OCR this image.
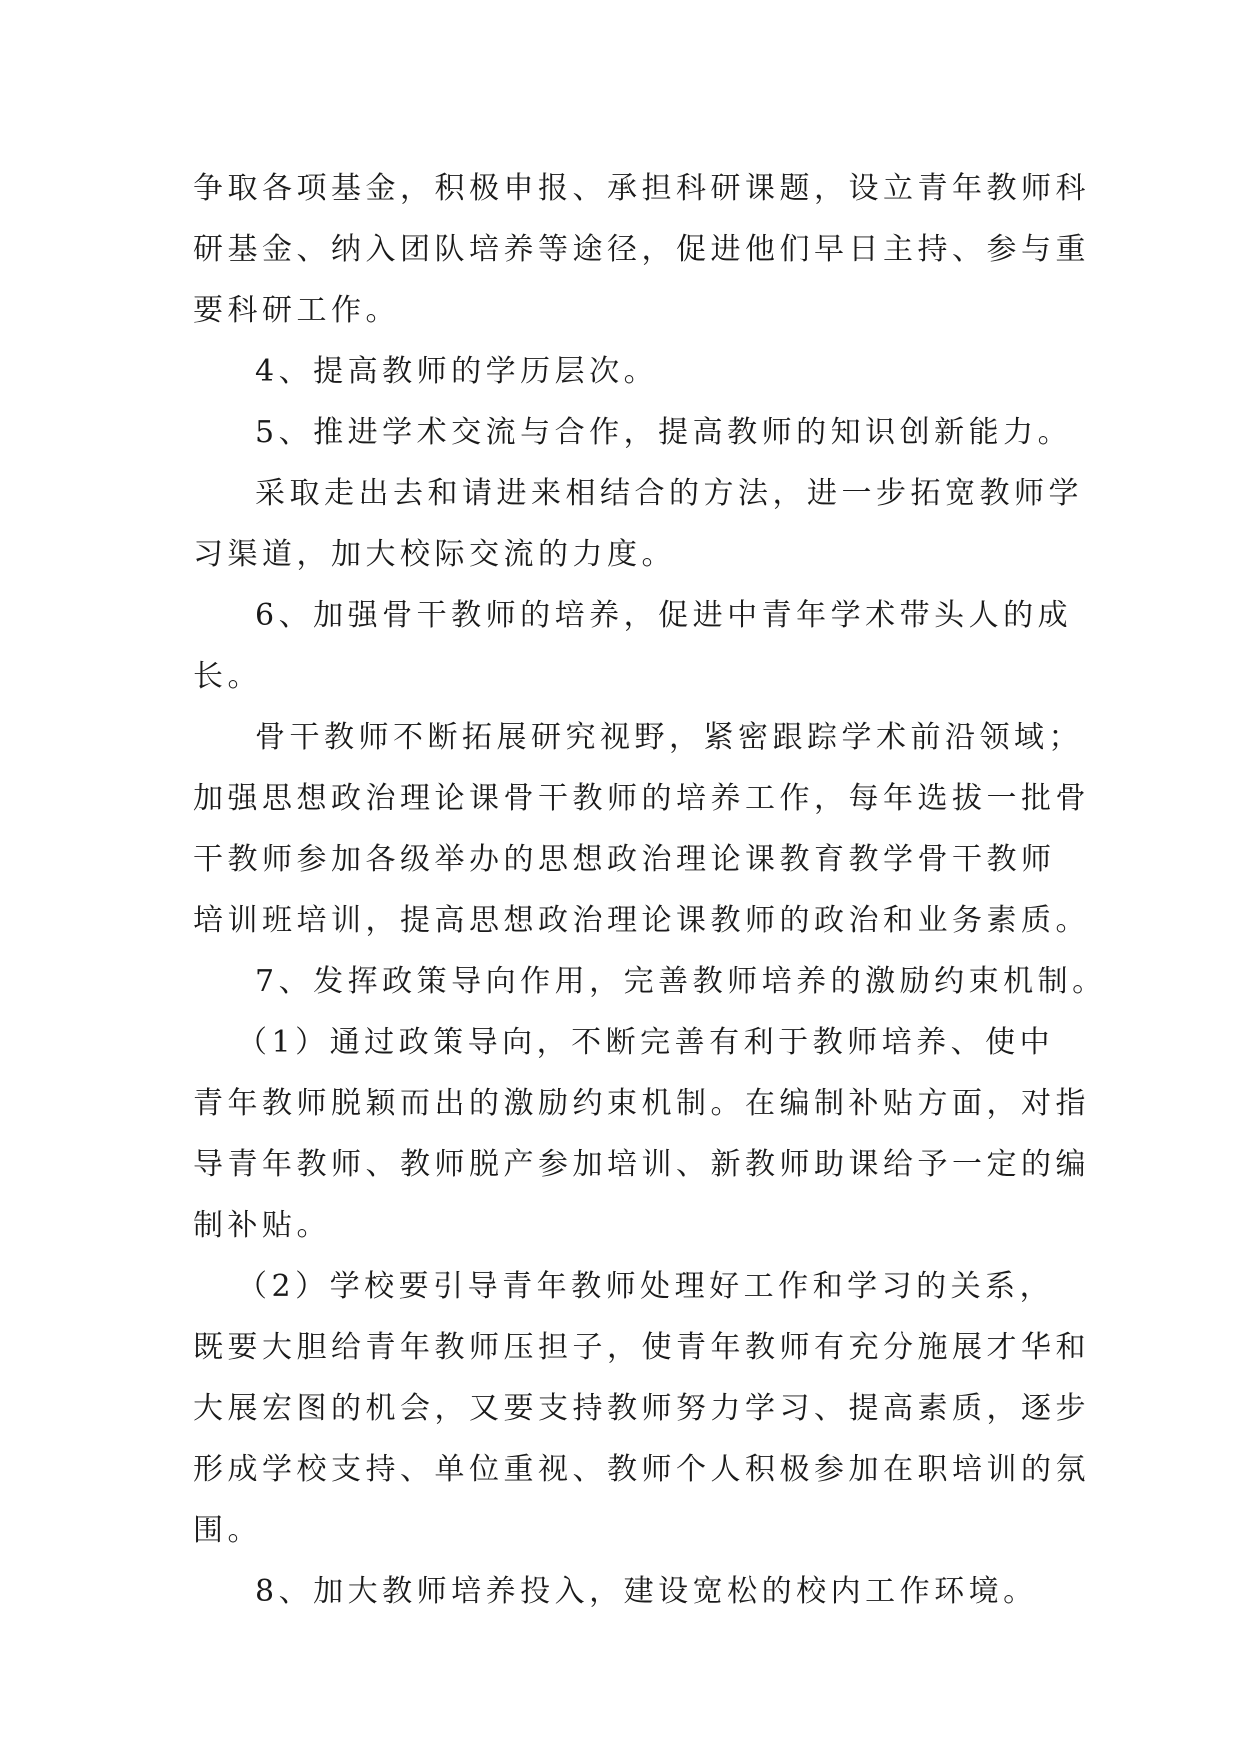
争取各项基金，积极申报、承担科研课题，设立青年教师科
研基金、纳入团队培养等途径，促进他们早日主持、参与重
要科研工作。
4、提高教师的学历层次。
5、推进学术交流与合作，提高教师的知识创新能力。
采取走出去和请进来相结合的方法，进一步拓宽教师学
习渠道，加大校际交流的力度。
6、加强骨干教师的培养，促进中青年学术带头人的成
长。
骨干教师不断拓展研究视野，紧密跟踪学术前沿领域；
加强思想政治理论课骨干教师的培养工作，每年选拔一批骨
干教师参加各级举办的思想政治理论课教育教学骨干教师
培训班培训，提高思想政治理论课教师的政治和业务素质。
7、发挥政策导向作用，完善教师培养的激励约束机制。
（1）通过政策导向，不断完善有利于教师培养、使中
青年教师脱颖而出的激励约束机制。在编制补贴方面，对指
导青年教师、教师脱产参加培训、新教师助课给予一定的编
制补贴。
（2）学校要引导青年教师处理好工作和学习的关系，
既要大胆给青年教师压担子，使青年教师有充分施展才华和
大展宏图的机会，又要支持教师努力学习、提高素质，逐步
形成学校支持、单位重视、教师个人积极参加在职培训的氛
围。
8、加大教师培养投入，建设宽松的校内工作环境。
